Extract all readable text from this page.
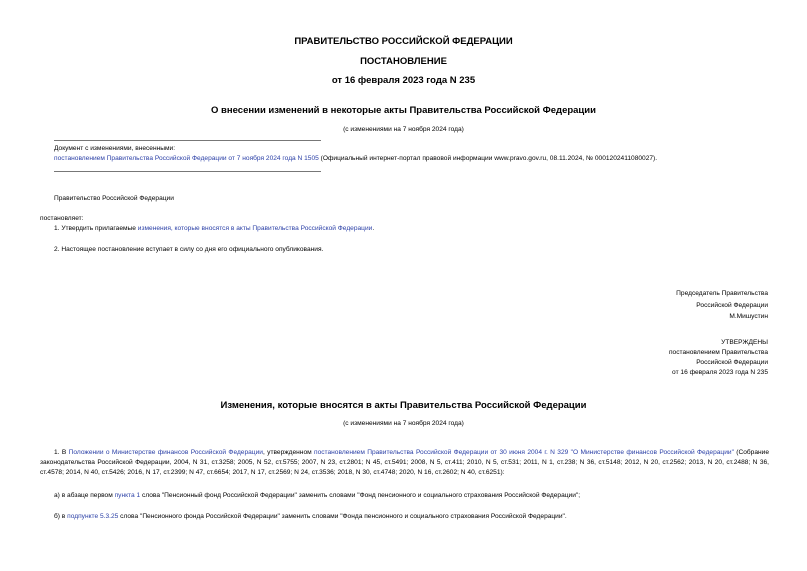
ПРАВИТЕЛЬСТВО РОССИЙСКОЙ ФЕДЕРАЦИИ
ПОСТАНОВЛЕНИЕ
от 16 февраля 2023 года N 235
О внесении изменений в некоторые акты Правительства Российской Федерации
(с изменениями на 7 ноября 2024 года)
Документ с изменениями, внесенными:
постановлением Правительства Российской Федерации от 7 ноября 2024 года N 1505 (Официальный интернет-портал правовой информации www.pravo.gov.ru, 08.11.2024, № 0001202411080027).
Правительство Российской Федерации
постановляет:
1. Утвердить прилагаемые изменения, которые вносятся в акты Правительства Российской Федерации.
2. Настоящее постановление вступает в силу со дня его официального опубликования.
Председатель Правительства
Российской Федерации
М.Мишустин
УТВЕРЖДЕНЫ
постановлением Правительства
Российской Федерации
от 16 февраля 2023 года N 235
Изменения, которые вносятся в акты Правительства Российской Федерации
(с изменениями на 7 ноября 2024 года)
1. В Положении о Министерстве финансов Российской Федерации, утвержденном постановлением Правительства Российской Федерации от 30 июня 2004 г. N 329 "О Министерстве финансов Российской Федерации" (Собрание законодательства Российской Федерации, 2004, N 31, ст.3258; 2005, N 52, ст.5755; 2007, N 23, ст.2801; N 45, ст.5491; 2008, N 5, ст.411; 2010, N 5, ст.531; 2011, N 1, ст.238; N 36, ст.5148; 2012, N 20, ст.2562; 2013, N 20, ст.2488; N 36, ст.4578; 2014, N 40, ст.5426; 2016, N 17, ст.2399; N 47, ст.6654; 2017, N 17, ст.2569; N 24, ст.3536; 2018, N 30, ст.4748; 2020, N 16, ст.2602; N 40, ст.6251):
а) в абзаце первом пункта 1 слова "Пенсионный фонд Российской Федерации" заменить словами "Фонд пенсионного и социального страхования Российской Федерации";
б) в подпункте 5.3.25 слова "Пенсионного фонда Российской Федерации" заменить словами "Фонда пенсионного и социального страхования Российской Федерации".
